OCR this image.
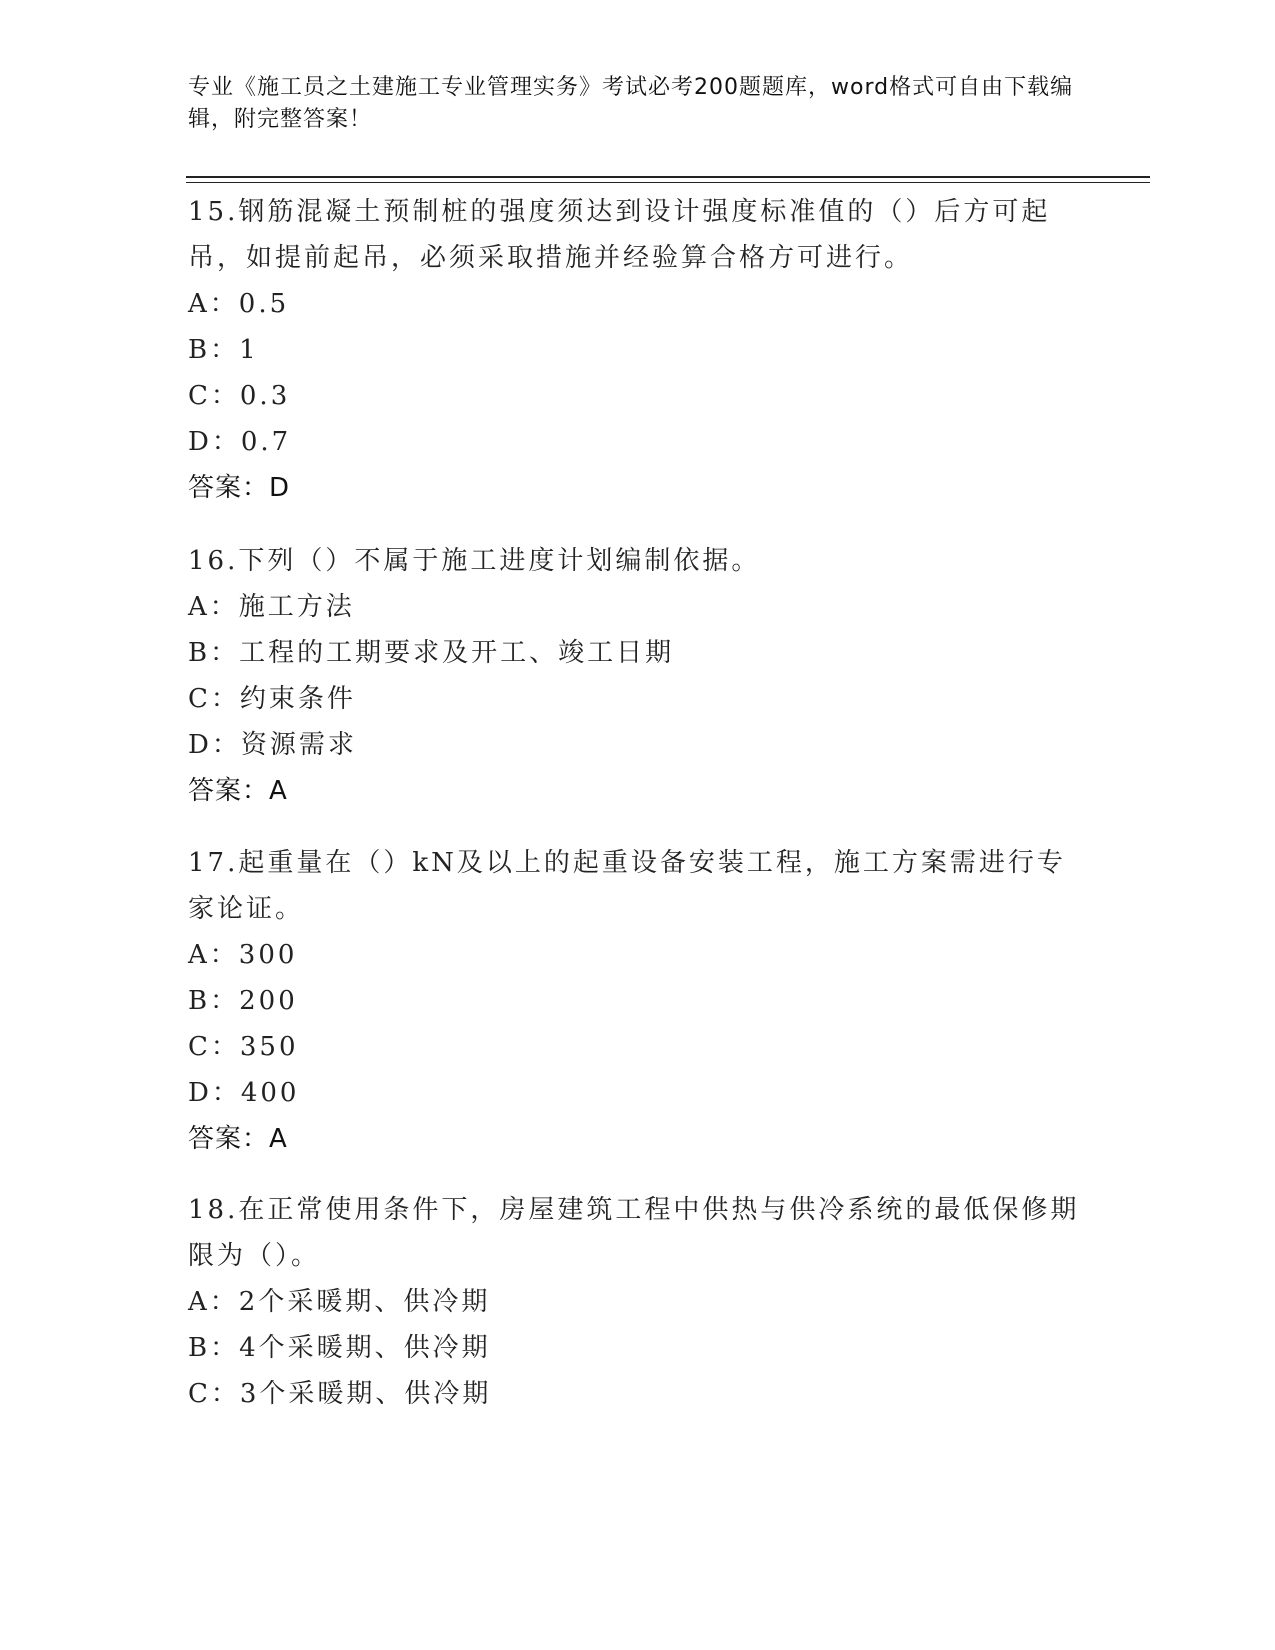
专业《施工员之土建施工专业管理实务》考试必考200题题库，word格式可自由下载编辑，附完整答案！

15.钢筋混凝土预制桩的强度须达到设计强度标准值的（）后方可起吊，如提前起吊，必须采取措施并经验算合格方可进行。

A：0.5

B：1

C：0.3

D：0.7

答案：D

16.下列（）不属于施工进度计划编制依据。

A：施工方法

B：工程的工期要求及开工、竣工日期

C：约束条件

D：资源需求

答案：A

17.起重量在（）kN及以上的起重设备安装工程，施工方案需进行专家论证。

A：300

B：200

C：350

D：400

答案：A

18.在正常使用条件下，房屋建筑工程中供热与供冷系统的最低保修期限为（）。

A：2个采暖期、供冷期

B：4个采暖期、供冷期

C：3个采暖期、供冷期
